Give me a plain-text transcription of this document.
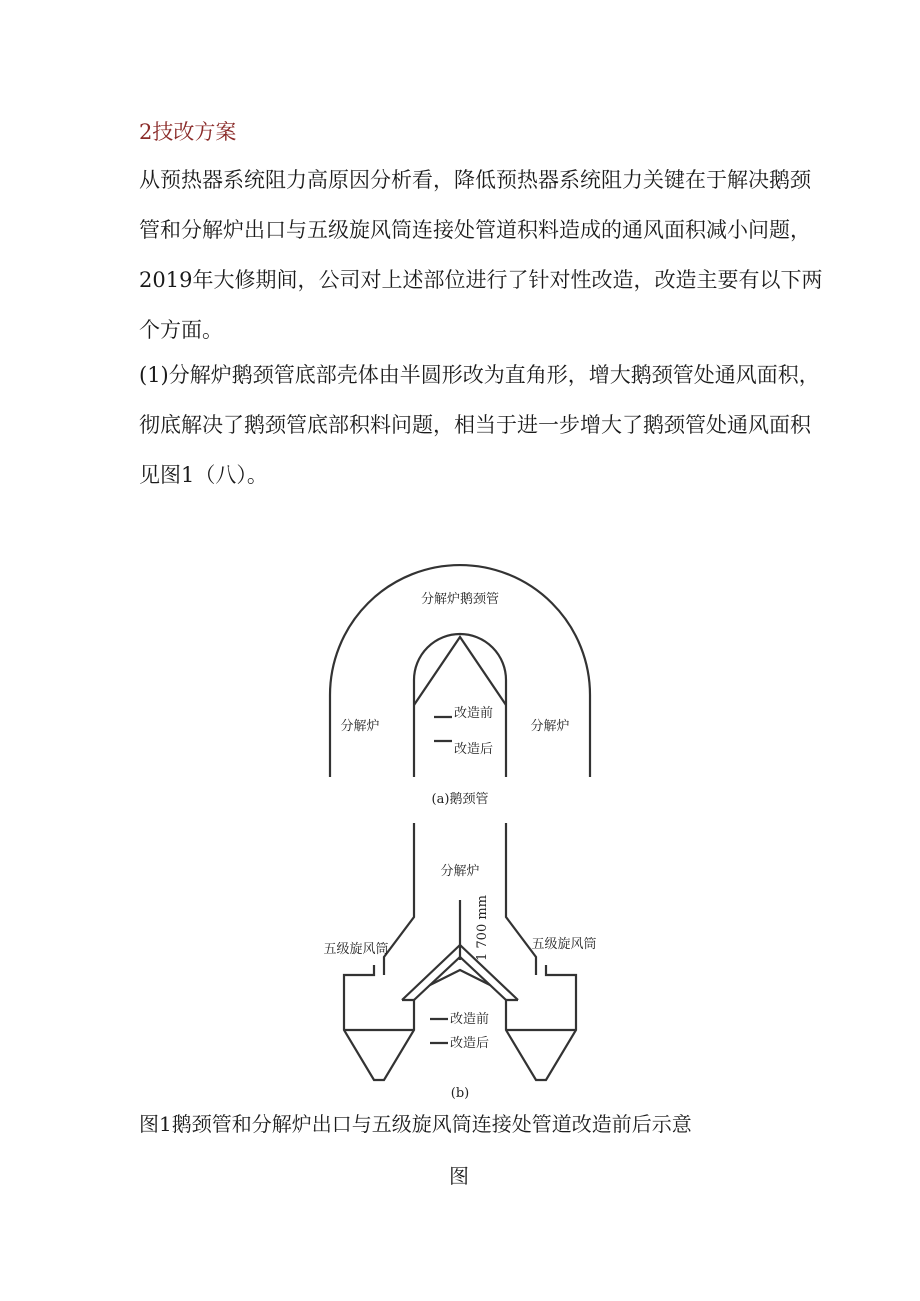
2技改方案

从预热器系统阻力高原因分析看，降低预热器系统阻力关键在于解决鹅颈
管和分解炉出口与五级旋风筒连接处管道积料造成的通风面积减小问题，
2019年大修期间，公司对上述部位进行了针对性改造，改造主要有以下两
个方面。

(1)分解炉鹅颈管底部壳体由半圆形改为直角形，增大鹅颈管处通风面积，
彻底解决了鹅颈管底部积料问题，相当于进一步增大了鹅颈管处通风面积
见图1（八）。

分解炉鹅颈管
分解炉	分解炉
改造前
改造后
(a)鹅颈管
分解炉
五级旋风筒	五级旋风筒
1 700 mm
改造前
改造后
(b)
图1鹅颈管和分解炉出口与五级旋风筒连接处管道改造前后示意
图
